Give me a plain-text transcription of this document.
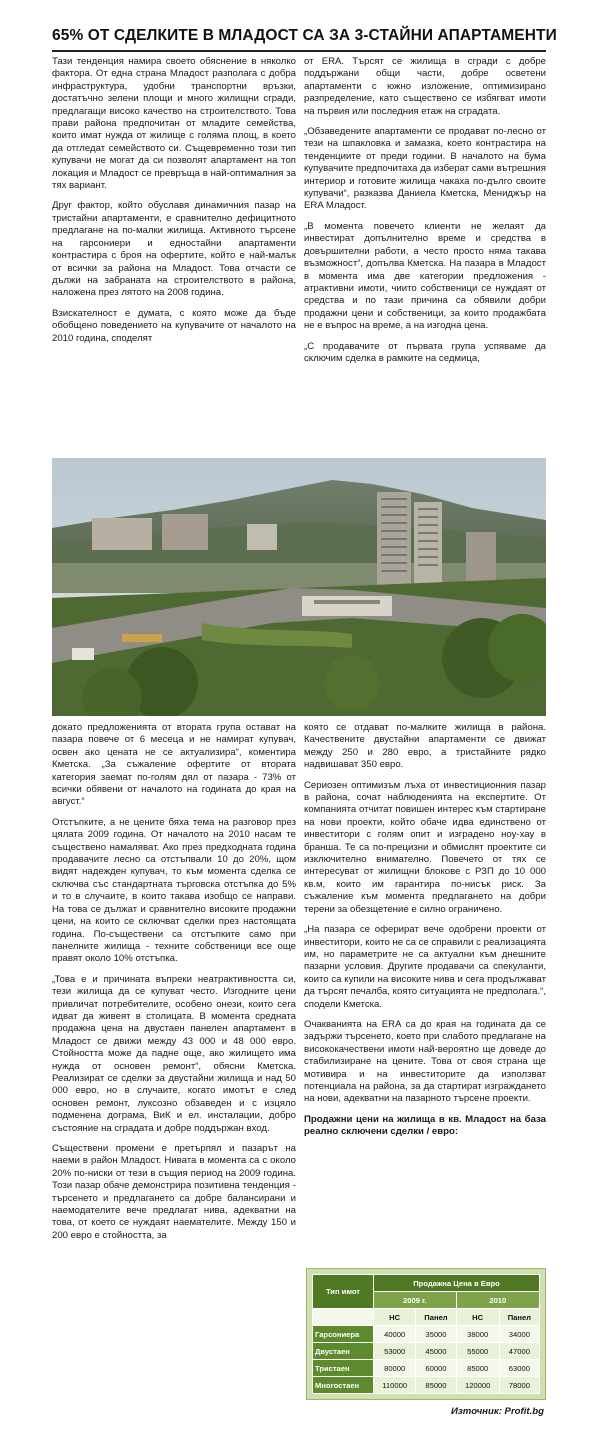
65% ОТ СДЕЛКИТЕ В МЛАДОСТ СА ЗА 3-СТАЙНИ АПАРТАМЕНТИ

Тази тенденция намира своето обяснение в няколко фактора. От една страна Младост разполага с добра инфраструктура, удобни транспортни връзки, достатъчно зелени площи и много жилищни сгради, предлагащи високо качество на строителството. Това прави района предпочитан от младите семейства, които имат нужда от жилище с голяма площ, в което да отгледат семейството си. Същевременно този тип купувачи не могат да си позволят апартамент на топ локация и Младост се превръща в най-оптималния за тях вариант.

Друг фактор, който обуславя динамичния пазар на тристайни апартаменти, е сравнително дефицитното предлагане на по-малки жилища. Активното търсене на гарсониери и едностайни апартаменти контрастира с броя на офертите, който е най-малък от всички за района на Младост. Това отчасти се дължи на забраната на строителството в района, наложена през лятото на 2008 година.

Взискателност е думата, с която може да бъде обобщено поведението на купувачите от началото на 2010 година, споделят

от ERA. Търсят се жилища в сгради с добре поддържани общи части, добре осветени апартаменти с южно изложение, оптимизирано разпределение, като съществено се избягват имоти на първия или последния етаж на сградата.

„Обзаведените апартаменти се продават по-лесно от тези на шпакловка и замазка, което контрастира на тенденциите от преди години. В началото на бума купувачите предпочитаха да изберат сами вътрешния интериор и готовите жилища чакаха по-дълго своите купувачи“, разказва Даниела Кметска, Мениджър на ERA Младост.

„В момента повечето клиенти не желаят да инвестират допълнително време и средства в довършителни работи, а често просто няма такава възможност“, допълва Кметска. На пазара в Младост в момента има две категории предложения - атрактивни имоти, чиито собственици се нуждаят от средства и по тази причина са обявили добри продажни цени и собственици, за които продажбата не е въпрос на време, а на изгодна цена.

„С продавачите от първата група успяваме да сключим сделка в рамките на седмица,

докато предложенията от втората група остават на пазара повече от 6 месеца и не намират купувач, освен ако цената не се актуализира“, коментира Кметска. „За съжаление офертите от втората категория заемат по-голям дял от пазара - 73% от всички обявени от началото на годината до края на август.“

Отстъпките, а не цените бяха тема на разговор през цялата 2009 година. От началото на 2010 насам те съществено намаляват. Ако през предходната година продавачите лесно са отстъпвали 10 до 20%, щом видят надежден купувач, то към момента сделка се сключва със стандартната търговска отстъпка до 5% и то в случаите, в които такава изобщо се направи. На това се дължат и сравнително високите продажни цени, на които се сключват сделки през настоящата година. По-съществени са отстъпките само при панелните жилища - техните собственици все още правят около 10% отстъпка.

„Това е и причината въпреки неатрактивността си, тези жилища да се купуват често. Изгодните цени привличат потребителите, особено онези, които сега идват да живеят в столицата. В момента средната продажна цена на двустаен панелен апартамент в Младост се движи между 43 000 и 48 000 евро. Стойността може да падне още, ако жилището има нужда от основен ремонт“, обясни Кметска. Реализират се сделки за двустайни жилища и над 50 000 евро, но в случаите, когато имотът е след основен ремонт, луксозно обзаведен и с изцяло подменена дограма, ВиК и ел. инсталации, добро състояние на сградата и добре поддържан вход.

Съществени промени е претърпял и пазарът на наеми в район Младост. Нивата в момента са с около 20% по-ниски от тези в същия период на 2009 година. Този пазар обаче демонстрира позитивна тенденция - търсенето и предлагането са добре балансирани и наемодателите вече предлагат нива, адекватни на това, от което се нуждаят наемателите. Между 150 и 200 евро е стойността, за

която се отдават по-малките жилища в района. Качествените двустайни апартаменти се движат между 250 и 280 евро, а тристайните рядко надвишават 350 евро.

Сериозен оптимизъм лъха от инвестиционния пазар в района, сочат наблюденията на експертите. От компанията отчитат повишен интерес към стартиране на нови проекти, който обаче идва единствено от инвеститори с голям опит и изградено ноу-хау в бранша. Те са по-прецизни и обмислят проектите си изключително внимателно. Повечето от тях се интересуват от жилищни блокове с РЗП до 10 000 кв.м, които им гарантира по-нисък риск. За съжаление към момента предлагането на добри терени за обезщетение е силно ограничено.

„На пазара се оферират вече одобрени проекти от инвеститори, които не са се справили с реализацията им, но параметрите не са актуални към днешните пазарни условия. Другите продавачи са спекуланти, които са купили на високите нива и сега продължават да търсят печалба, която ситуацията не предполага.“, сподели Кметска.

Очакванията на ERA са до края на годината да се задържи търсенето, което при слабото предлагане на висококачествени имоти най-вероятно ще доведе до стабилизиране на цените. Това от своя страна ще мотивира и на инвеститорите да използват потенциала на района, за да стартират изграждането на нови, адекватни на пазарното търсене проекти.

Продажни цени на жилища в кв. Младост на база реално сключени сделки / евро:

Тип имот	Продажна Цена в Евро			
	2009 г.		2010	
	НС	Панел	НС	Панел
Гарсониера	40000	35000	38000	34000
Двустаен	53000	45000	55000	47000
Тристаен	80000	60000	85000	63000
Многостаен	110000	85000	120000	78000
Източник: Profit.bg
